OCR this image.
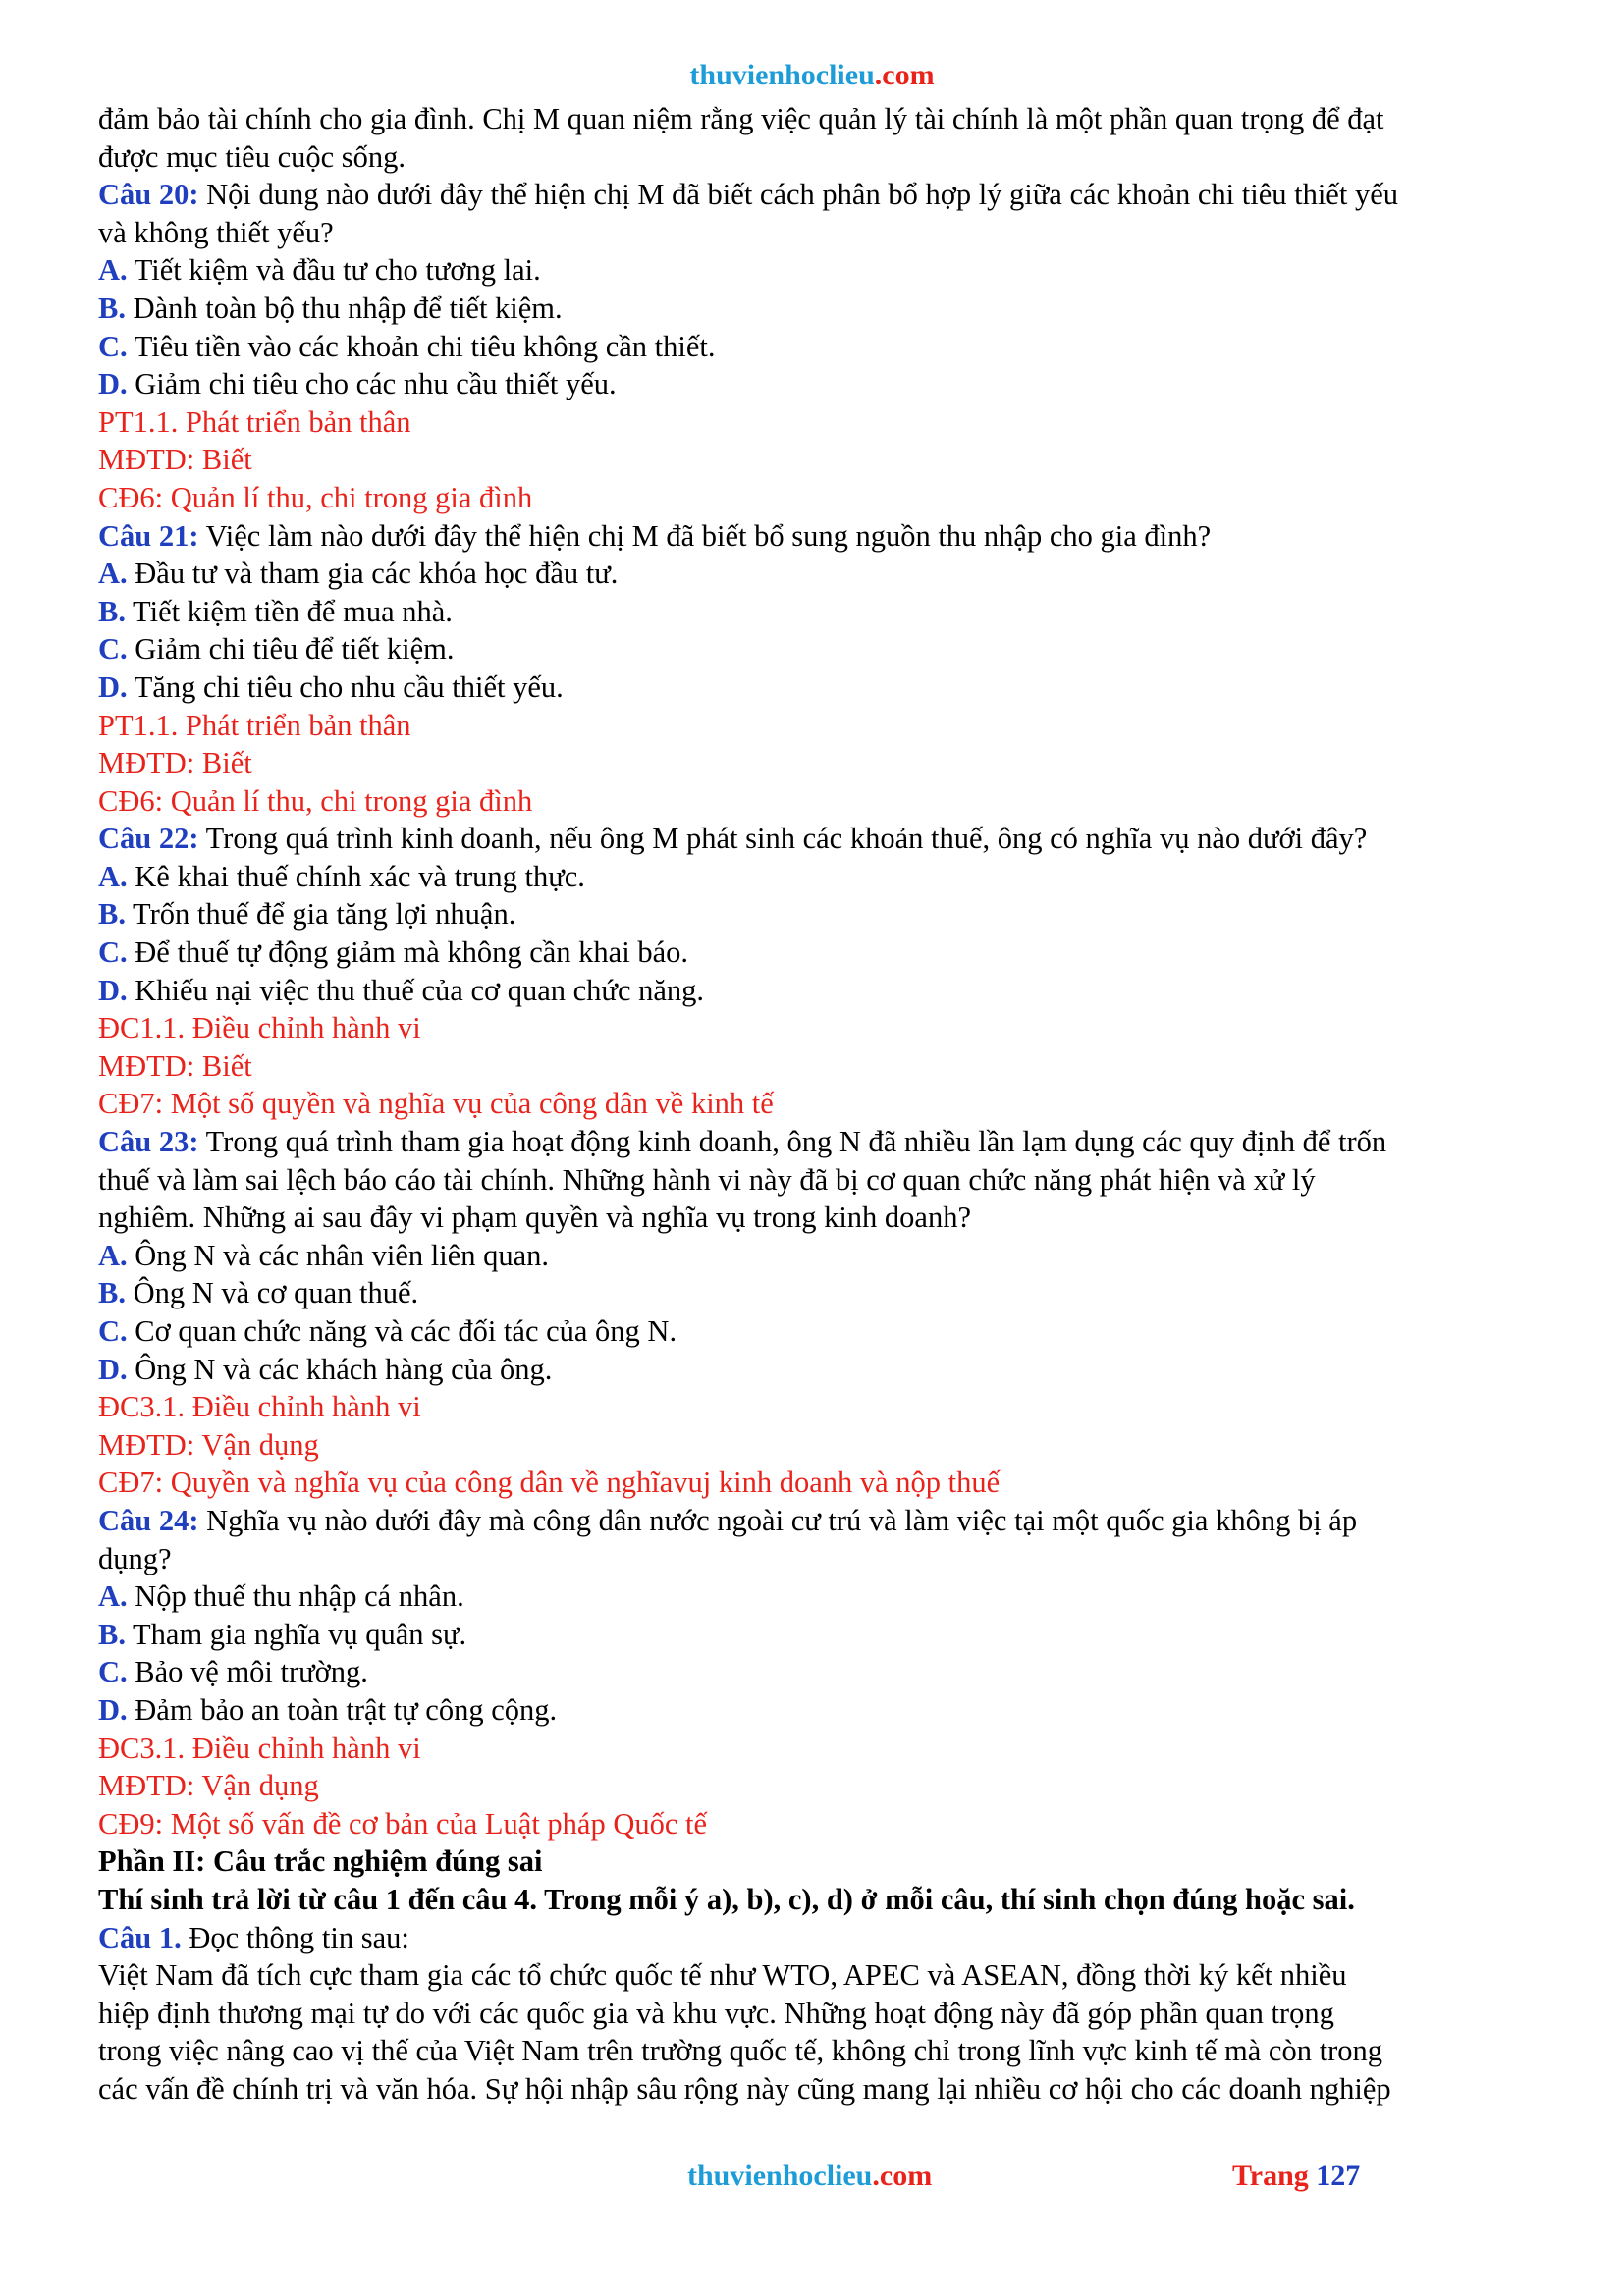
thuvienhoclieu.com
đảm bảo tài chính cho gia đình. Chị M quan niệm rằng việc quản lý tài chính là một phần quan trọng để đạt
được mục tiêu cuộc sống.
Câu 20: Nội dung nào dưới đây thể hiện chị M đã biết cách phân bổ hợp lý giữa các khoản chi tiêu thiết yếu
và không thiết yếu?
A. Tiết kiệm và đầu tư cho tương lai.
B. Dành toàn bộ thu nhập để tiết kiệm.
C. Tiêu tiền vào các khoản chi tiêu không cần thiết.
D. Giảm chi tiêu cho các nhu cầu thiết yếu.
PT1.1. Phát triển bản thân
MĐTD: Biết
CĐ6: Quản lí thu, chi trong gia đình
Câu 21: Việc làm nào dưới đây thể hiện chị M đã biết bổ sung nguồn thu nhập cho gia đình?
A. Đầu tư và tham gia các khóa học đầu tư.
B. Tiết kiệm tiền để mua nhà.
C. Giảm chi tiêu để tiết kiệm.
D. Tăng chi tiêu cho nhu cầu thiết yếu.
PT1.1. Phát triển bản thân
MĐTD: Biết
CĐ6: Quản lí thu, chi trong gia đình
Câu 22: Trong quá trình kinh doanh, nếu ông M phát sinh các khoản thuế, ông có nghĩa vụ nào dưới đây?
A. Kê khai thuế chính xác và trung thực.
B. Trốn thuế để gia tăng lợi nhuận.
C. Để thuế tự động giảm mà không cần khai báo.
D. Khiếu nại việc thu thuế của cơ quan chức năng.
ĐC1.1. Điều chỉnh hành vi
MĐTD: Biết
CĐ7: Một số quyền và nghĩa vụ của công dân về kinh tế
Câu 23: Trong quá trình tham gia hoạt động kinh doanh, ông N đã nhiều lần lạm dụng các quy định để trốn
thuế và làm sai lệch báo cáo tài chính. Những hành vi này đã bị cơ quan chức năng phát hiện và xử lý
nghiêm. Những ai sau đây vi phạm quyền và nghĩa vụ trong kinh doanh?
A. Ông N và các nhân viên liên quan.
B. Ông N và cơ quan thuế.
C. Cơ quan chức năng và các đối tác của ông N.
D. Ông N và các khách hàng của ông.
ĐC3.1. Điều chỉnh hành vi
MĐTD: Vận dụng
CĐ7: Quyền và nghĩa vụ của công dân về nghĩavuj kinh doanh và nộp thuế
Câu 24: Nghĩa vụ nào dưới đây mà công dân nước ngoài cư trú và làm việc tại một quốc gia không bị áp
dụng?
A. Nộp thuế thu nhập cá nhân.
B. Tham gia nghĩa vụ quân sự.
C. Bảo vệ môi trường.
D. Đảm bảo an toàn trật tự công cộng.
ĐC3.1. Điều chỉnh hành vi
MĐTD: Vận dụng
CĐ9: Một số vấn đề cơ bản của Luật pháp Quốc tế
Phần II: Câu trắc nghiệm đúng sai
Thí sinh trả lời từ câu 1 đến câu 4. Trong mỗi ý a), b), c), d) ở mỗi câu, thí sinh chọn đúng hoặc sai.
Câu 1. Đọc thông tin sau:
Việt Nam đã tích cực tham gia các tổ chức quốc tế như WTO, APEC và ASEAN, đồng thời ký kết nhiều
hiệp định thương mại tự do với các quốc gia và khu vực. Những hoạt động này đã góp phần quan trọng
trong việc nâng cao vị thế của Việt Nam trên trường quốc tế, không chỉ trong lĩnh vực kinh tế mà còn trong
các vấn đề chính trị và văn hóa. Sự hội nhập sâu rộng này cũng mang lại nhiều cơ hội cho các doanh nghiệp
thuvienhoclieu.com	Trang 127
